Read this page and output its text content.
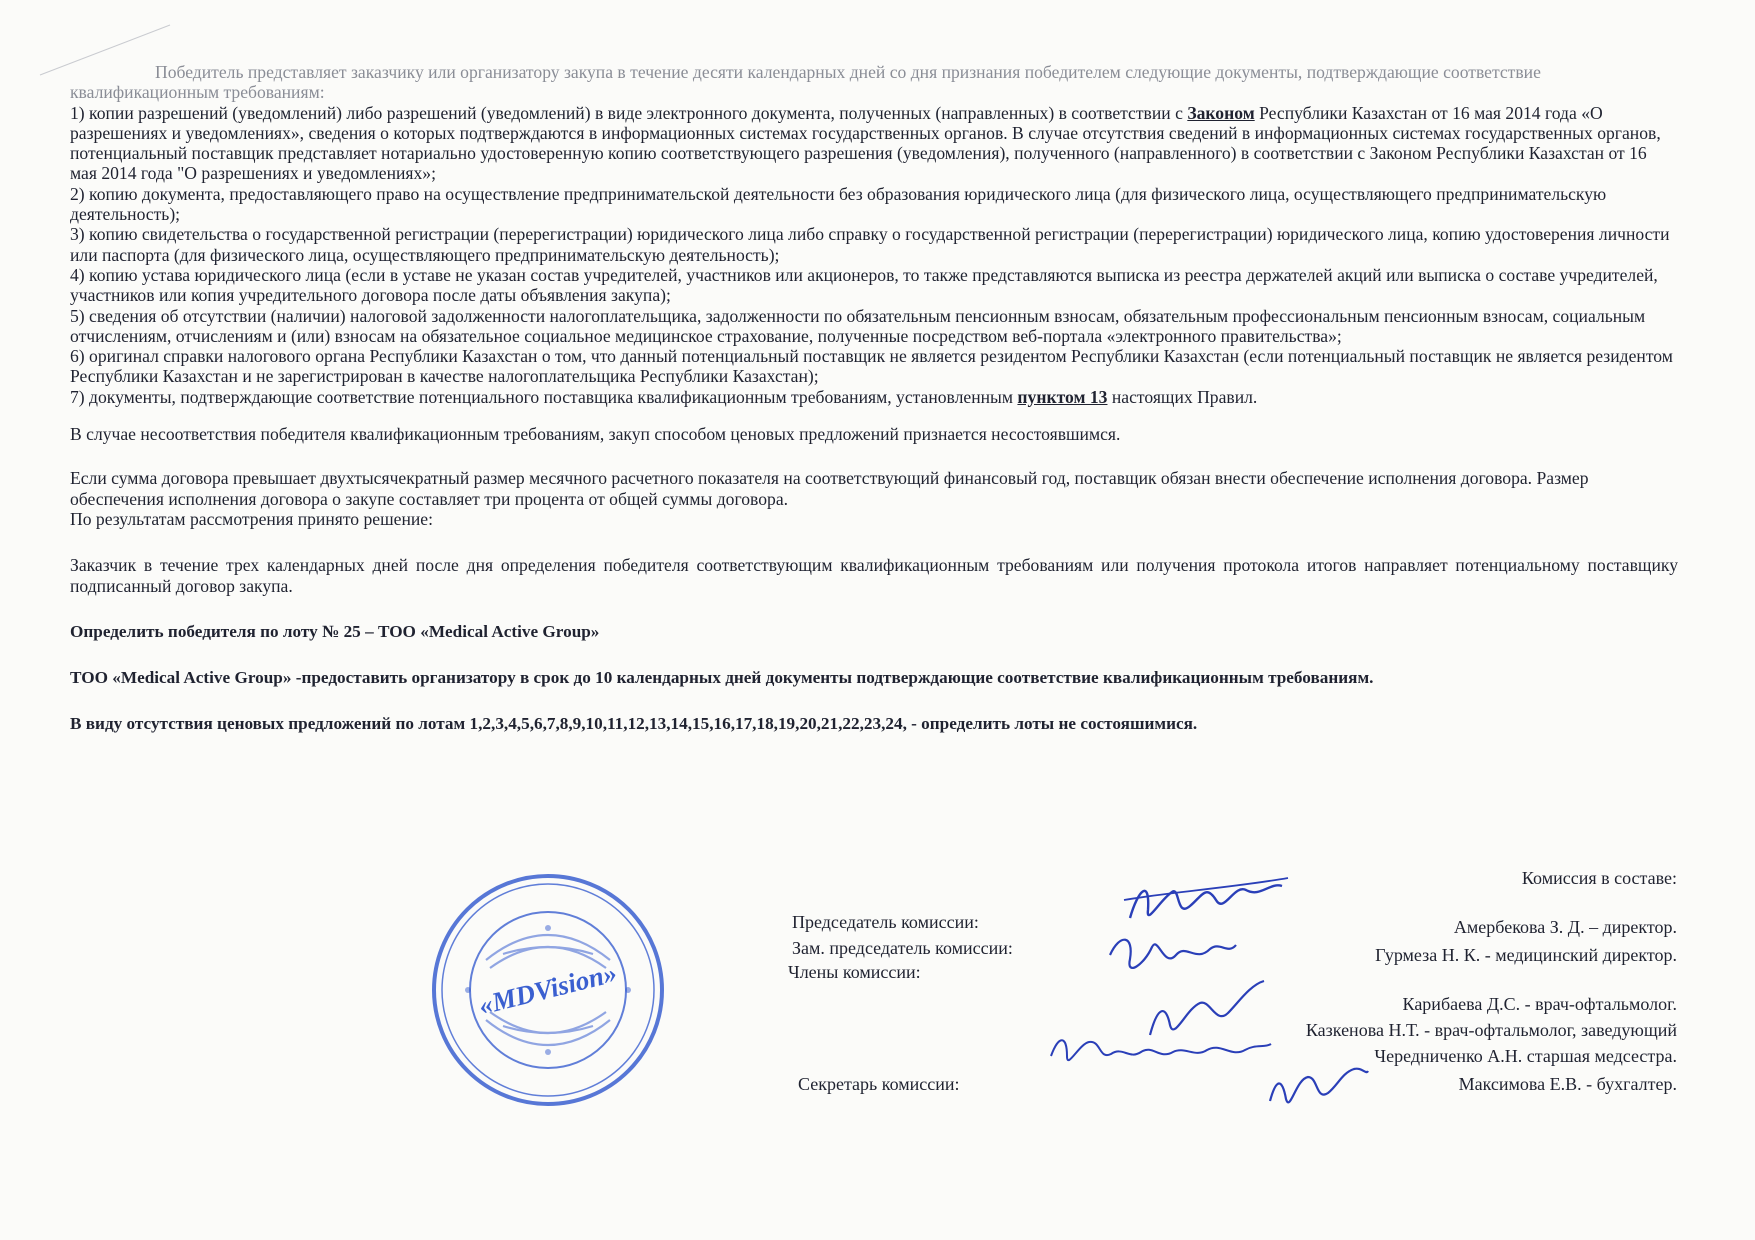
Победитель представляет заказчику или организатору закупа в течение десяти календарных дней со дня признания победителем следующие документы, подтверждающие соответствие квалификационным требованиям:

1) копии разрешений (уведомлений) либо разрешений (уведомлений) в виде электронного документа, полученных (направленных) в соответствии с Законом Республики Казахстан от 16 мая 2014 года «О разрешениях и уведомлениях», сведения о которых подтверждаются в информационных системах государственных органов. В случае отсутствия сведений в информационных системах государственных органов, потенциальный поставщик представляет нотариально удостоверенную копию соответствующего разрешения (уведомления), полученного (направленного) в соответствии с Законом Республики Казахстан от 16 мая 2014 года "О разрешениях и уведомлениях»;

2) копию документа, предоставляющего право на осуществление предпринимательской деятельности без образования юридического лица (для физического лица, осуществляющего предпринимательскую деятельность);

3) копию свидетельства о государственной регистрации (перерегистрации) юридического лица либо справку о государственной регистрации (перерегистрации) юридического лица, копию удостоверения личности или паспорта (для физического лица, осуществляющего предпринимательскую деятельность);

4) копию устава юридического лица (если в уставе не указан состав учредителей, участников или акционеров, то также представляются выписка из реестра держателей акций или выписка о составе учредителей, участников или копия учредительного договора после даты объявления закупа);

5) сведения об отсутствии (наличии) налоговой задолженности налогоплательщика, задолженности по обязательным пенсионным взносам, обязательным профессиональным пенсионным взносам, социальным отчислениям, отчислениям и (или) взносам на обязательное социальное медицинское страхование, полученные посредством веб-портала «электронного правительства»;

6) оригинал справки налогового органа Республики Казахстан о том, что данный потенциальный поставщик не является резидентом Республики Казахстан (если потенциальный поставщик не является резидентом Республики Казахстан и не зарегистрирован в качестве налогоплательщика Республики Казахстан);

7) документы, подтверждающие соответствие потенциального поставщика квалификационным требованиям, установленным пунктом 13 настоящих Правил.

В случае несоответствия победителя квалификационным требованиям, закуп способом ценовых предложений признается несостоявшимся.

Если сумма договора превышает двухтысячекратный размер месячного расчетного показателя на соответствующий финансовый год, поставщик обязан внести обеспечение исполнения договора. Размер обеспечения исполнения договора о закупе составляет три процента от общей суммы договора.

По результатам рассмотрения принято решение:

Заказчик в течение трех календарных дней после дня определения победителя соответствующим квалификационным требованиям или получения протокола итогов направляет потенциальному поставщику подписанный договор закупа.

Определить победителя по лоту № 25 – ТОО «Medical Active Group»

ТОО «Medical Active Group» -предоставить организатору в срок до 10 календарных дней документы подтверждающие соответствие квалификационным требованиям.

В виду отсутствия ценовых предложений по лотам 1,2,3,4,5,6,7,8,9,10,11,12,13,14,15,16,17,18,19,20,21,22,23,24, - определить лоты не состояшимися.

Комиссия в составе:
Председатель комиссии:
Зам. председатель комиссии:
Члены комиссии:
Секретарь комиссии:
Амербекова З. Д. – директор.
Гурмеза Н. К. - медицинский директор.
Карибаева Д.С. - врач-офтальмолог.
Казкенова Н.Т. - врач-офтальмолог, заведующий
Чередниченко А.Н. старшая медсестра.
Максимова Е.В. - бухгалтер.
«MDVision»
